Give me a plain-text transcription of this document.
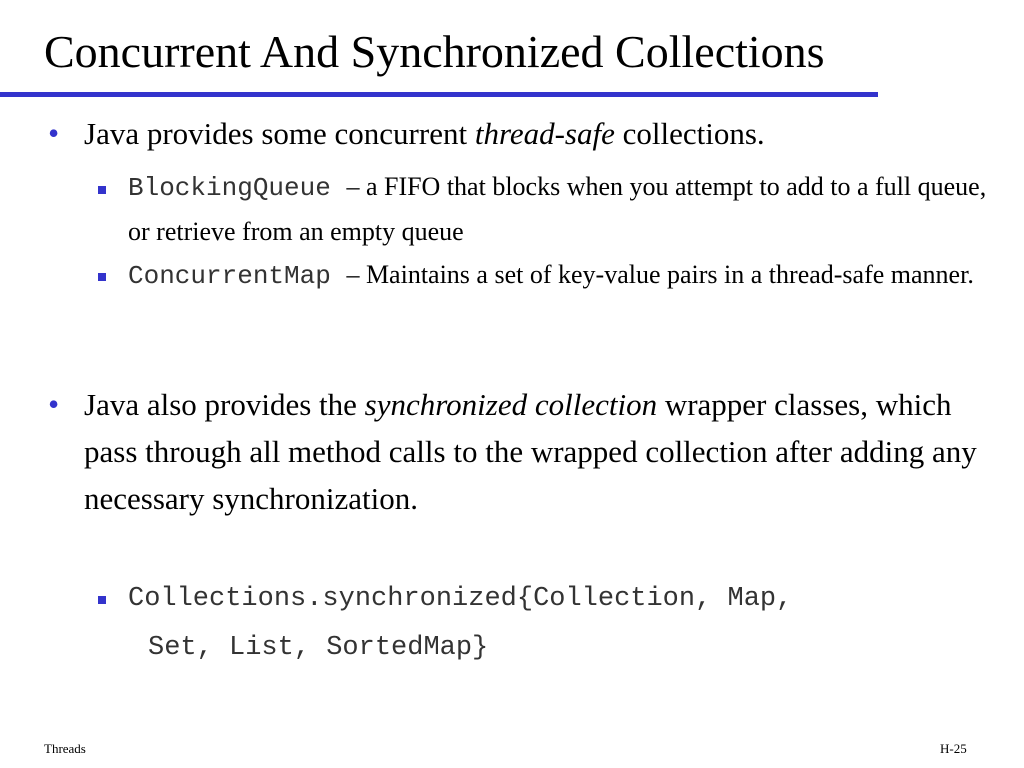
Concurrent And Synchronized Collections
• Java provides some concurrent thread-safe collections.
BlockingQueue – a FIFO that blocks when you attempt to add to a full queue, or retrieve from an empty queue
ConcurrentMap – Maintains a set of key-value pairs in a thread-safe manner.
• Java also provides the synchronized collection wrapper classes, which pass through all method calls to the wrapped collection after adding any necessary synchronization.
Collections.synchronized{Collection, Map,
Set, List, SortedMap}
Threads	H-25
